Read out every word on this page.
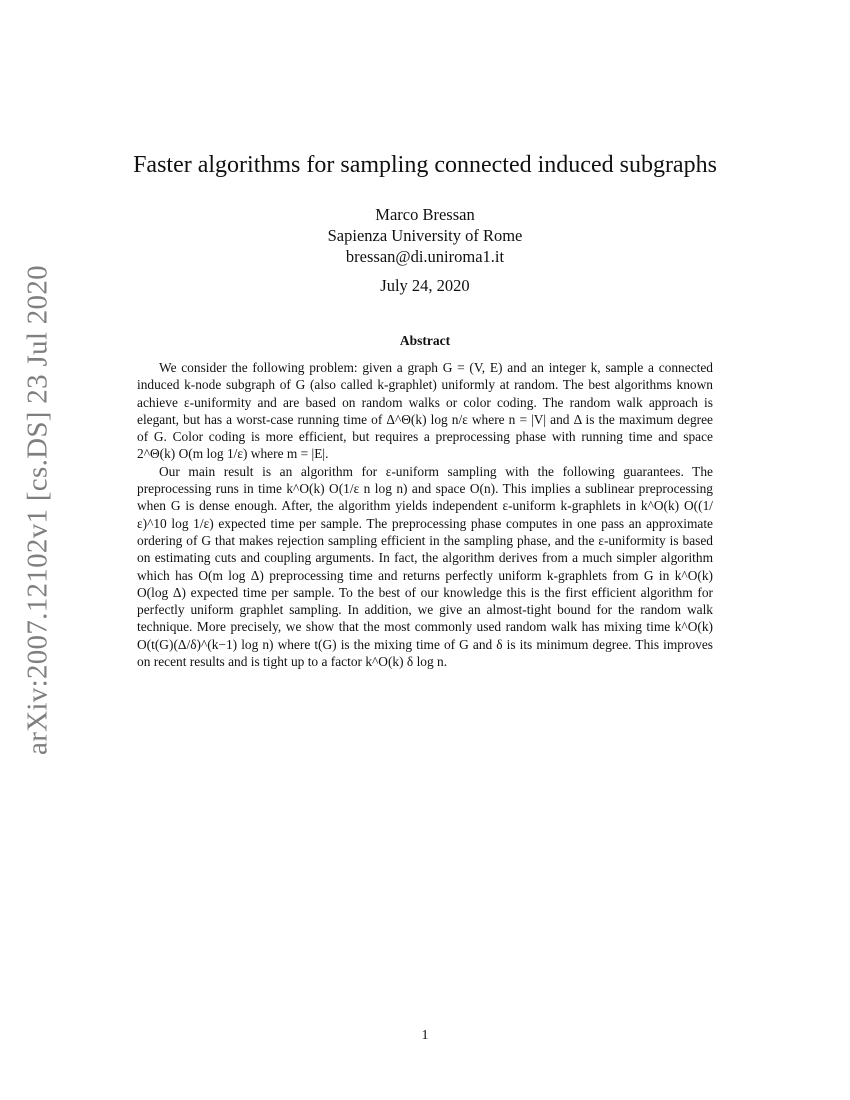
arXiv:2007.12102v1 [cs.DS] 23 Jul 2020
Faster algorithms for sampling connected induced subgraphs
Marco Bressan
Sapienza University of Rome
bressan@di.uniroma1.it
July 24, 2020
Abstract

We consider the following problem: given a graph G = (V, E) and an integer k, sample a connected induced k-node subgraph of G (also called k-graphlet) uniformly at random. The best algorithms known achieve ε-uniformity and are based on random walks or color coding. The random walk approach is elegant, but has a worst-case running time of Δ^Θ(k) log n/ε where n = |V| and Δ is the maximum degree of G. Color coding is more efficient, but requires a preprocessing phase with running time and space 2^Θ(k) O(m log 1/ε) where m = |E|.

Our main result is an algorithm for ε-uniform sampling with the following guarantees. The preprocessing runs in time k^O(k) O(1/ε n log n) and space O(n). This implies a sublinear preprocessing when G is dense enough. After, the algorithm yields independent ε-uniform k-graphlets in k^O(k) O((1/ε)^10 log 1/ε) expected time per sample. The preprocessing phase computes in one pass an approximate ordering of G that makes rejection sampling efficient in the sampling phase, and the ε-uniformity is based on estimating cuts and coupling arguments. In fact, the algorithm derives from a much simpler algorithm which has O(m log Δ) preprocessing time and returns perfectly uniform k-graphlets from G in k^O(k) O(log Δ) expected time per sample. To the best of our knowledge this is the first efficient algorithm for perfectly uniform graphlet sampling. In addition, we give an almost-tight bound for the random walk technique. More precisely, we show that the most commonly used random walk has mixing time k^O(k) O(t(G)(Δ/δ)^(k−1) log n) where t(G) is the mixing time of G and δ is its minimum degree. This improves on recent results and is tight up to a factor k^O(k) δ log n.

1
